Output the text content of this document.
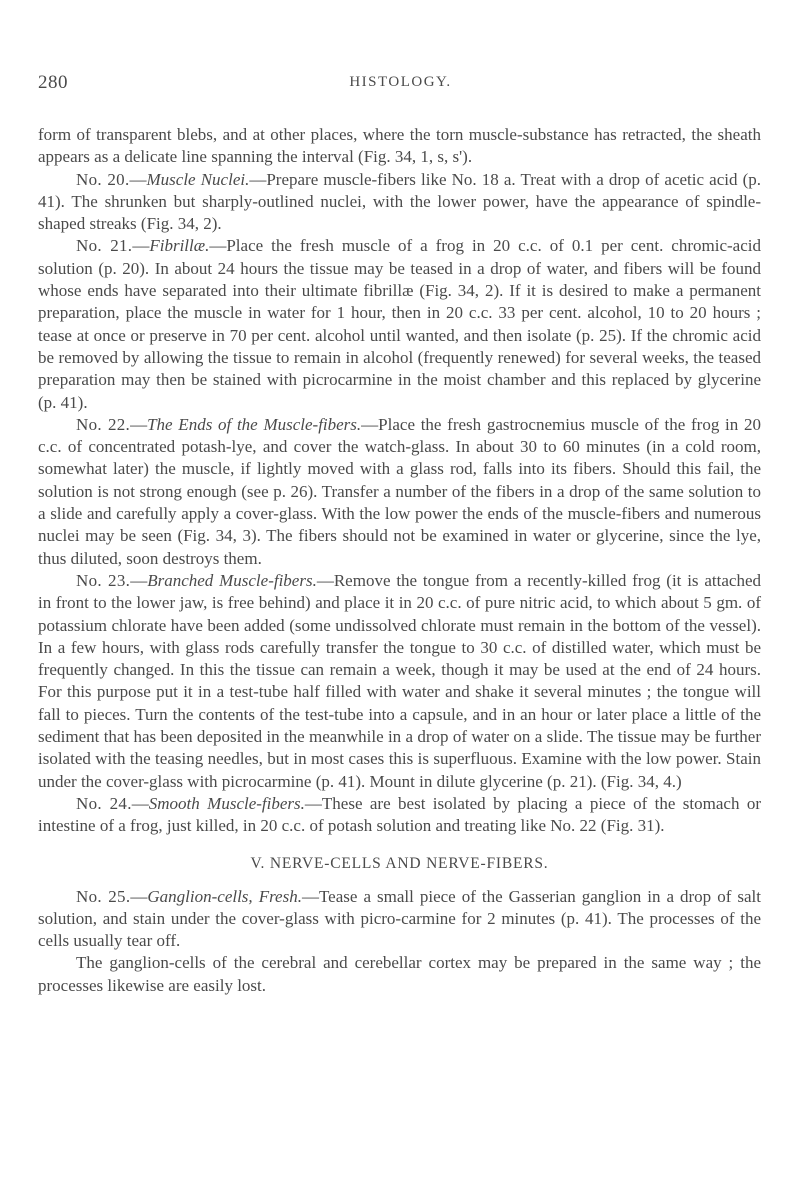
280	HISTOLOGY.

form of transparent blebs, and at other places, where the torn muscle-substance has retracted, the sheath appears as a delicate line spanning the interval (Fig. 34, 1, s, s').

No. 20.—Muscle Nuclei.—Prepare muscle-fibers like No. 18 a. Treat with a drop of acetic acid (p. 41). The shrunken but sharply-outlined nuclei, with the lower power, have the appearance of spindle-shaped streaks (Fig. 34, 2).

No. 21.—Fibrillæ.—Place the fresh muscle of a frog in 20 c.c. of 0.1 per cent. chromic-acid solution (p. 20). In about 24 hours the tissue may be teased in a drop of water, and fibers will be found whose ends have separated into their ultimate fibrillæ (Fig. 34, 2). If it is desired to make a permanent preparation, place the muscle in water for 1 hour, then in 20 c.c. 33 per cent. alcohol, 10 to 20 hours ; tease at once or preserve in 70 per cent. alcohol until wanted, and then isolate (p. 25). If the chromic acid be removed by allowing the tissue to remain in alcohol (frequently renewed) for several weeks, the teased preparation may then be stained with picrocarmine in the moist chamber and this replaced by glycerine (p. 41).

No. 22.—The Ends of the Muscle-fibers.—Place the fresh gastrocnemius muscle of the frog in 20 c.c. of concentrated potash-lye, and cover the watch-glass. In about 30 to 60 minutes (in a cold room, somewhat later) the muscle, if lightly moved with a glass rod, falls into its fibers. Should this fail, the solution is not strong enough (see p. 26). Transfer a number of the fibers in a drop of the same solution to a slide and carefully apply a cover-glass. With the low power the ends of the muscle-fibers and numerous nuclei may be seen (Fig. 34, 3). The fibers should not be examined in water or glycerine, since the lye, thus diluted, soon destroys them.

No. 23.—Branched Muscle-fibers.—Remove the tongue from a recently-killed frog (it is attached in front to the lower jaw, is free behind) and place it in 20 c.c. of pure nitric acid, to which about 5 gm. of potassium chlorate have been added (some undissolved chlorate must remain in the bottom of the vessel). In a few hours, with glass rods carefully transfer the tongue to 30 c.c. of distilled water, which must be frequently changed. In this the tissue can remain a week, though it may be used at the end of 24 hours. For this purpose put it in a test-tube half filled with water and shake it several minutes ; the tongue will fall to pieces. Turn the contents of the test-tube into a capsule, and in an hour or later place a little of the sediment that has been deposited in the meanwhile in a drop of water on a slide. The tissue may be further isolated with the teasing needles, but in most cases this is superfluous. Examine with the low power. Stain under the cover-glass with picrocarmine (p. 41). Mount in dilute glycerine (p. 21). (Fig. 34, 4.)

No. 24.—Smooth Muscle-fibers.—These are best isolated by placing a piece of the stomach or intestine of a frog, just killed, in 20 c.c. of potash solution and treating like No. 22 (Fig. 31).

V. NERVE-CELLS AND NERVE-FIBERS.

No. 25.—Ganglion-cells, Fresh.—Tease a small piece of the Gasserian ganglion in a drop of salt solution, and stain under the cover-glass with picro-carmine for 2 minutes (p. 41). The processes of the cells usually tear off.

The ganglion-cells of the cerebral and cerebellar cortex may be prepared in the same way ; the processes likewise are easily lost.
